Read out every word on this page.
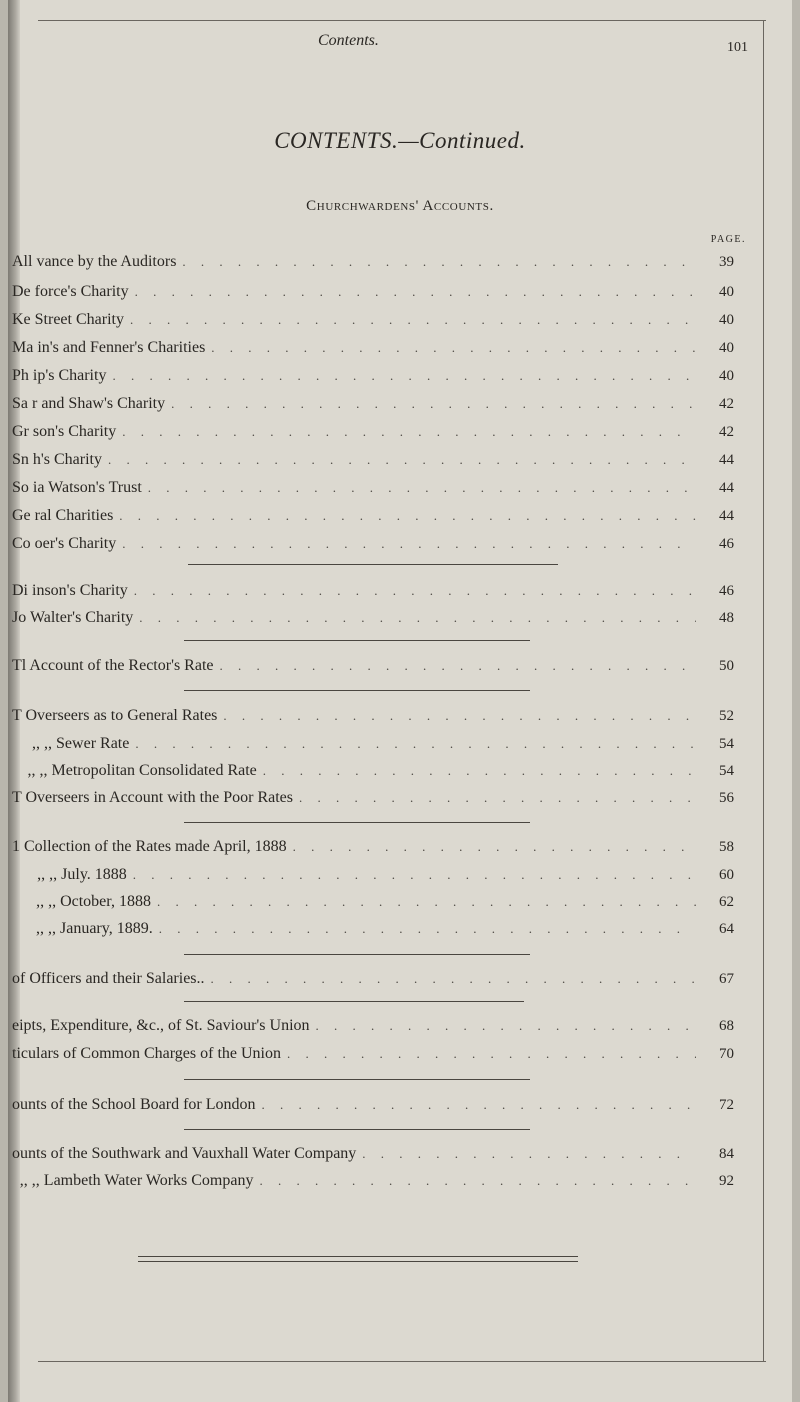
Contents.	101
CONTENTS.—Continued.
Churchwardens' Accounts.
PAGE.
All vance by the Auditors . . .	39
De force's Charity . . .	40
Ke Street Charity . . .	40
Ma in's and Fenner's Charities . . .	40
Ph ip's Charity . . .	40
Sa r and Shaw's Charity . . .	42
Gr son's Charity . . .	42
Sn h's Charity . . .	44
So ia Watson's Trust . . .	44
Ge ral Charities . . .	44
Co oer's Charity . . .	46
Di inson's Charity . . .	46
Jo Walter's Charity . . .	48
Tl Account of the Rector's Rate . . .	50
T Overseers as to General Rates . . .	52
,, ,, Sewer Rate . . .	54
,, ,, Metropolitan Consolidated Rate . . .	54
T Overseers in Account with the Poor Rates . . .	56
1 Collection of the Rates made April, 1888 . . .	58
,, ,, July. 1888 . . .	60
,, ,, October, 1888 . . .	62
,, ,, January, 1889. . . .	64
of Officers and their Salaries.. . . .	67
eipts, Expenditure, &c., of St. Saviour's Union . . .	68
ticulars of Common Charges of the Union . . .	70
ounts of the School Board for London . . .	72
ounts of the Southwark and Vauxhall Water Company . . .	84
,, ,, Lambeth Water Works Company . . .	92
